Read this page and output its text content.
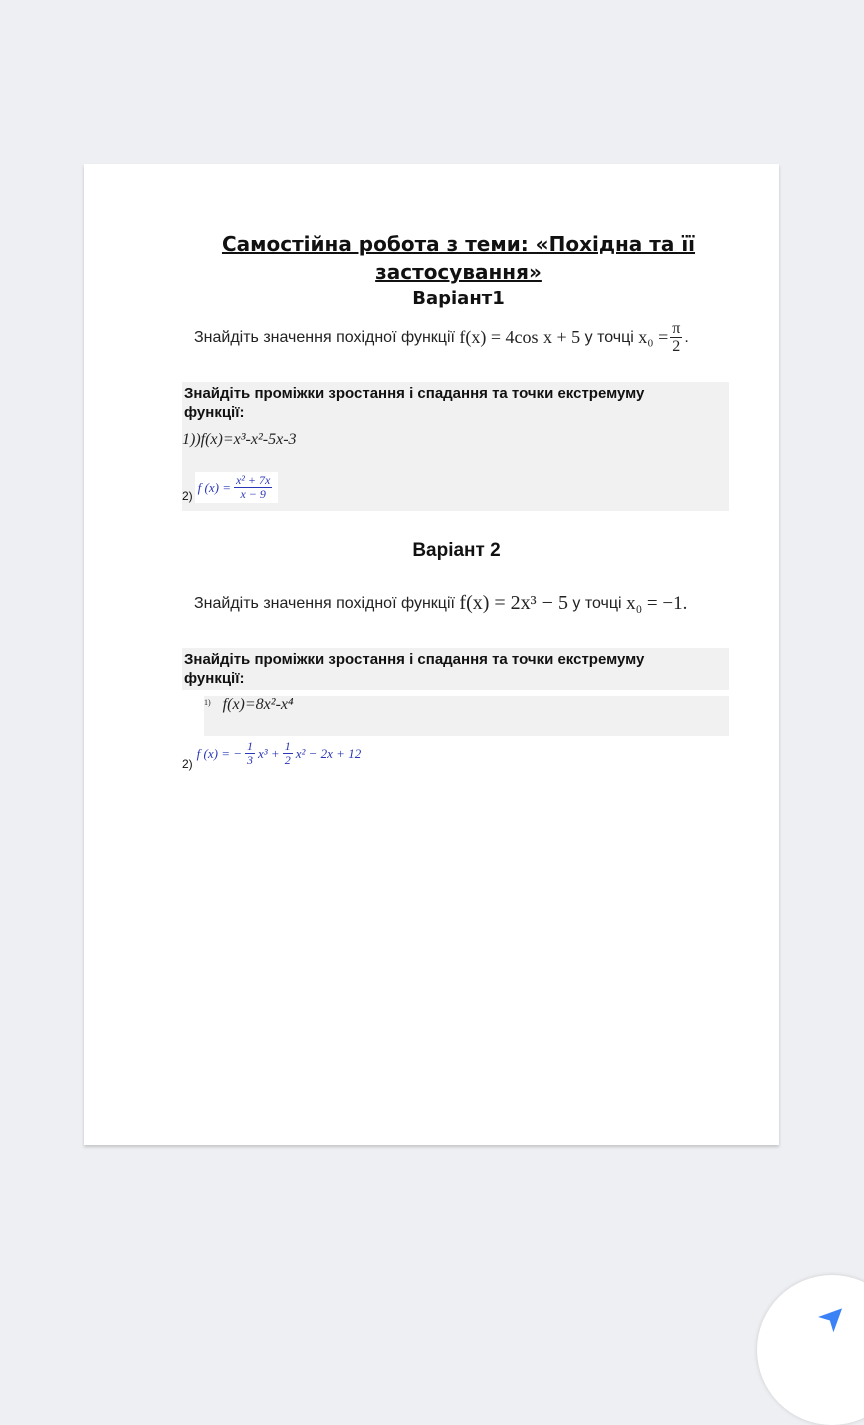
Самостійна робота з теми: «Похідна та її
застосування»
Варіант1
Знайдіть значення похідної функції
f(x) = 4cos x + 5
у точці
$x_0 = \frac{\pi}{2}$ .
Знайдіть проміжки зростання і спадання та точки екстремуму функції:
1))f(x)=x³-x²-5x-3
2)
f $(x) = \frac{\text{x² + 7x}}{x - 9}$
Варіант 2
Знайдіть значення похідної функції
f(x) = 2x³ − 5
у точці
x₀ = −1.
Знайдіть проміжки зростання і спадання та точки екстремуму функції:
$^{1)}$ f(x)=8x²-x⁴
2)
f (x) = − $\frac{1}{3} x^3 + \frac{1}{2} x^2 - 2x + 12$
➤
